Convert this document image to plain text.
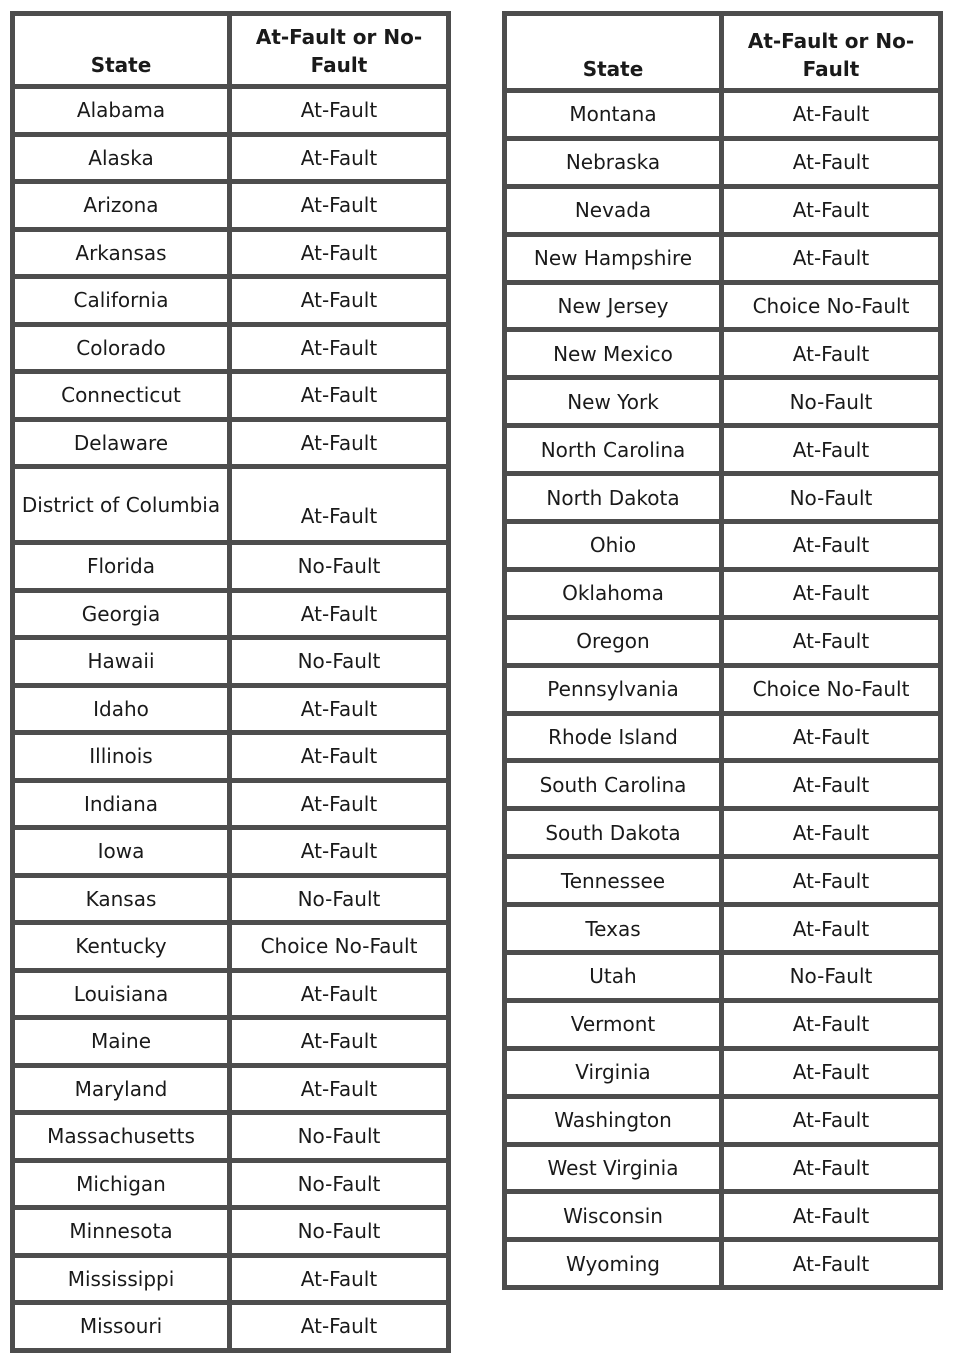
State	At-Fault or No-Fault
Alabama	At-Fault
Alaska	At-Fault
Arizona	At-Fault
Arkansas	At-Fault
California	At-Fault
Colorado	At-Fault
Connecticut	At-Fault
Delaware	At-Fault
District of Columbia	At-Fault
Florida	No-Fault
Georgia	At-Fault
Hawaii	No-Fault
Idaho	At-Fault
Illinois	At-Fault
Indiana	At-Fault
Iowa	At-Fault
Kansas	No-Fault
Kentucky	Choice No-Fault
Louisiana	At-Fault
Maine	At-Fault
Maryland	At-Fault
Massachusetts	No-Fault
Michigan	No-Fault
Minnesota	No-Fault
Mississippi	At-Fault
Missouri	At-Fault
State	At-Fault or No-Fault
Montana	At-Fault
Nebraska	At-Fault
Nevada	At-Fault
New Hampshire	At-Fault
New Jersey	Choice No-Fault
New Mexico	At-Fault
New York	No-Fault
North Carolina	At-Fault
North Dakota	No-Fault
Ohio	At-Fault
Oklahoma	At-Fault
Oregon	At-Fault
Pennsylvania	Choice No-Fault
Rhode Island	At-Fault
South Carolina	At-Fault
South Dakota	At-Fault
Tennessee	At-Fault
Texas	At-Fault
Utah	No-Fault
Vermont	At-Fault
Virginia	At-Fault
Washington	At-Fault
West Virginia	At-Fault
Wisconsin	At-Fault
Wyoming	At-Fault
